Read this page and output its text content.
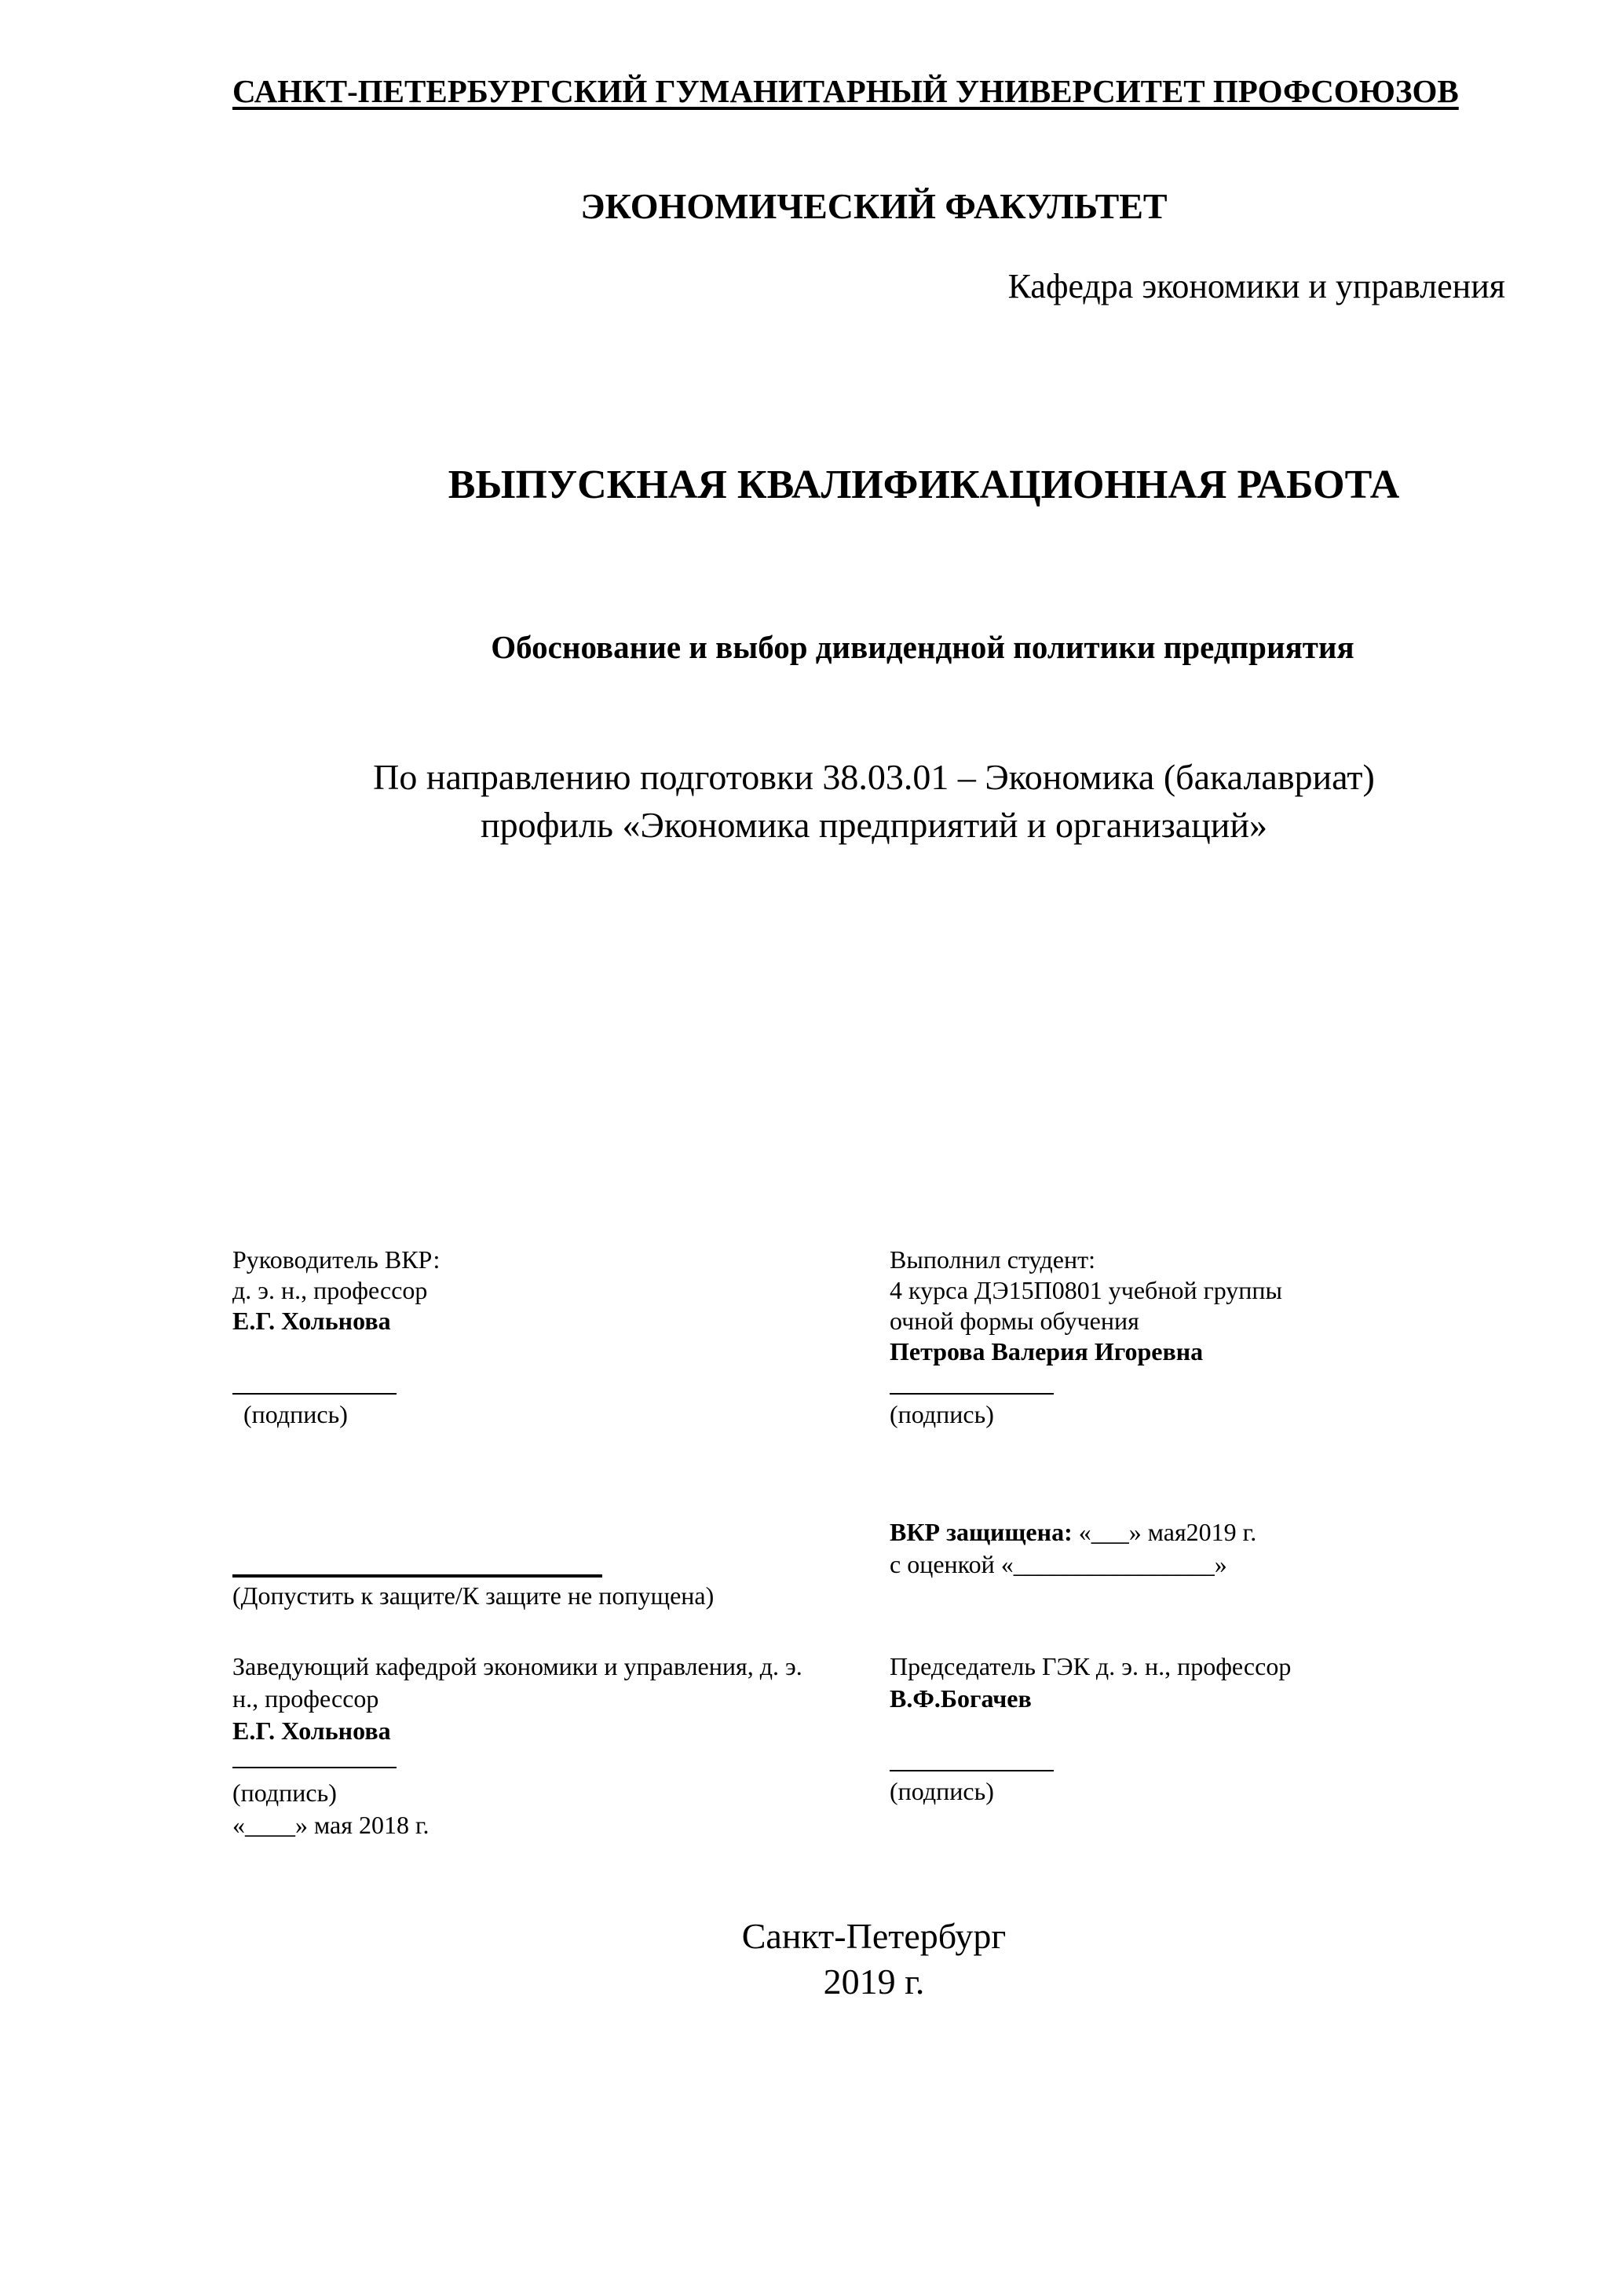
САНКТ-ПЕТЕРБУРГСКИЙ ГУМАНИТАРНЫЙ УНИВЕРСИТЕТ ПРОФСОЮЗОВ
ЭКОНОМИЧЕСКИЙ ФАКУЛЬТЕТ
Кафедра экономики и управления
ВЫПУСКНАЯ КВАЛИФИКАЦИОННАЯ РАБОТА
Обоснование и выбор дивидендной политики предприятия
По направлению подготовки 38.03.01 – Экономика (бакалавриат)
профиль «Экономика предприятий и организаций»
Руководитель ВКР:
д. э. н., профессор
Е.Г. Хольнова
(подпись)
Выполнил студент:
4 курса ДЭ15П0801 учебной группы
очной формы обучения
Петрова Валерия Игоревна
(подпись)
ВКР защищена: «___» мая2019 г.
с оценкой «________________»
(Допустить к защите/К защите не попущена)
Заведующий кафедрой экономики и управления, д. э.
н., профессор
Е.Г. Хольнова
(подпись)
«____» мая 2018 г.
Председатель ГЭК д. э. н., профессор
В.Ф.Богачев
(подпись)
Санкт-Петербург
2019 г.
